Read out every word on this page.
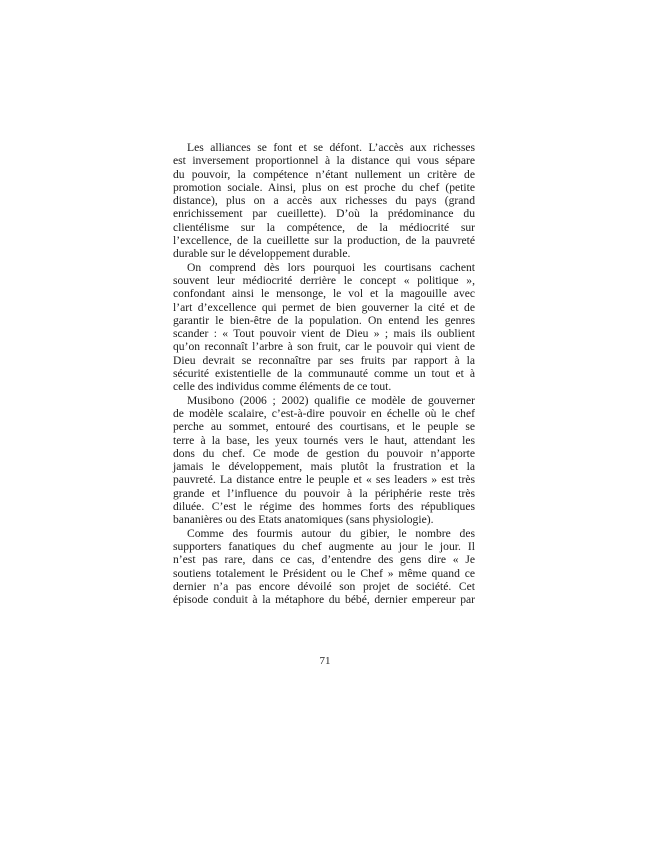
Les alliances se font et se défont. L’accès aux richesses
est inversement proportionnel à la distance qui vous sépare
du pouvoir, la compétence n’étant nullement un critère de
promotion sociale. Ainsi, plus on est proche du chef (petite
distance), plus on a accès aux richesses du pays (grand
enrichissement par cueillette). D’où la prédominance du
clientélisme sur la compétence, de la médiocrité sur
l’excellence, de la cueillette sur la production, de la pauvreté
durable sur le développement durable.
On comprend dès lors pourquoi les courtisans cachent
souvent leur médiocrité derrière le concept « politique »,
confondant ainsi le mensonge, le vol et la magouille avec
l’art d’excellence qui permet de bien gouverner la cité et de
garantir le bien-être de la population. On entend les genres
scander : « Tout pouvoir vient de Dieu » ; mais ils oublient
qu’on reconnaît l’arbre à son fruit, car le pouvoir qui vient de
Dieu devrait se reconnaître par ses fruits par rapport à la
sécurité existentielle de la communauté comme un tout et à
celle des individus comme éléments de ce tout.
Musibono (2006 ; 2002) qualifie ce modèle de gouverner
de modèle scalaire, c’est-à-dire pouvoir en échelle où le chef
perche au sommet, entouré des courtisans, et le peuple se
terre à la base, les yeux tournés vers le haut, attendant les
dons du chef. Ce mode de gestion du pouvoir n’apporte
jamais le développement, mais plutôt la frustration et la
pauvreté. La distance entre le peuple et « ses leaders » est très
grande et l’influence du pouvoir à la périphérie reste très
diluée. C’est le régime des hommes forts des républiques
bananières ou des Etats anatomiques (sans physiologie).
Comme des fourmis autour du gibier, le nombre des
supporters fanatiques du chef augmente au jour le jour. Il
n’est pas rare, dans ce cas, d’entendre des gens dire « Je
soutiens totalement le Président ou le Chef » même quand ce
dernier n’a pas encore dévoilé son projet de société. Cet
épisode conduit à la métaphore du bébé, dernier empereur par
71
